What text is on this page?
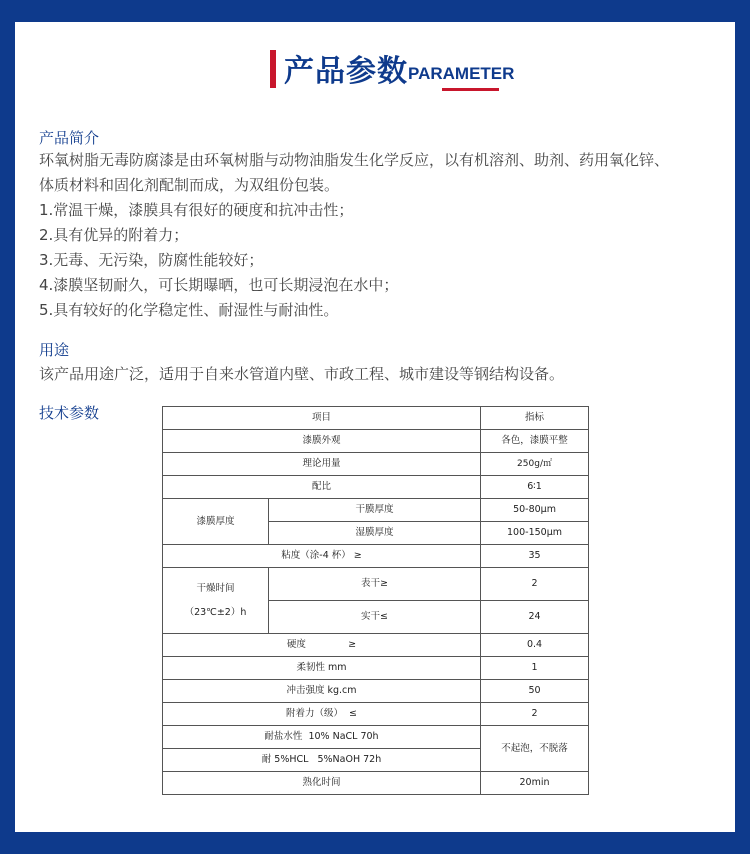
产品参数 PARAMETER
产品简介
环氧树脂无毒防腐漆是由环氧树脂与动物油脂发生化学反应，以有机溶剂、助剂、药用氧化锌、
体质材料和固化剂配制而成，为双组份包装。
1.常温干燥，漆膜具有很好的硬度和抗冲击性；
2.具有优异的附着力；
3.无毒、无污染，防腐性能较好；
4.漆膜坚韧耐久，可长期曝晒，也可长期浸泡在水中；
5.具有较好的化学稳定性、耐湿性与耐油性。
用途
该产品用途广泛，适用于自来水管道内壁、市政工程、城市建设等钢结构设备。
技术参数	项目		指标
漆膜外观		各色，漆膜平整
理论用量		250g/㎡
配比		6∶1
漆膜厚度	干膜厚度	50-80μm
	湿膜厚度	100-150μm
粘度（涂-4 杯） ≥		35

干燥时间
（23℃±2）h	表干≥	2
	实干≤	24
硬度              ≥		0.4
柔韧性 mm		1
冲击强度 kg.cm		50
附着力（级）  ≤		2
耐盐水性  10% NaCL 70h		不起泡，不脱落
耐 5%HCL   5%NaOH 72h		
熟化时间		20min
